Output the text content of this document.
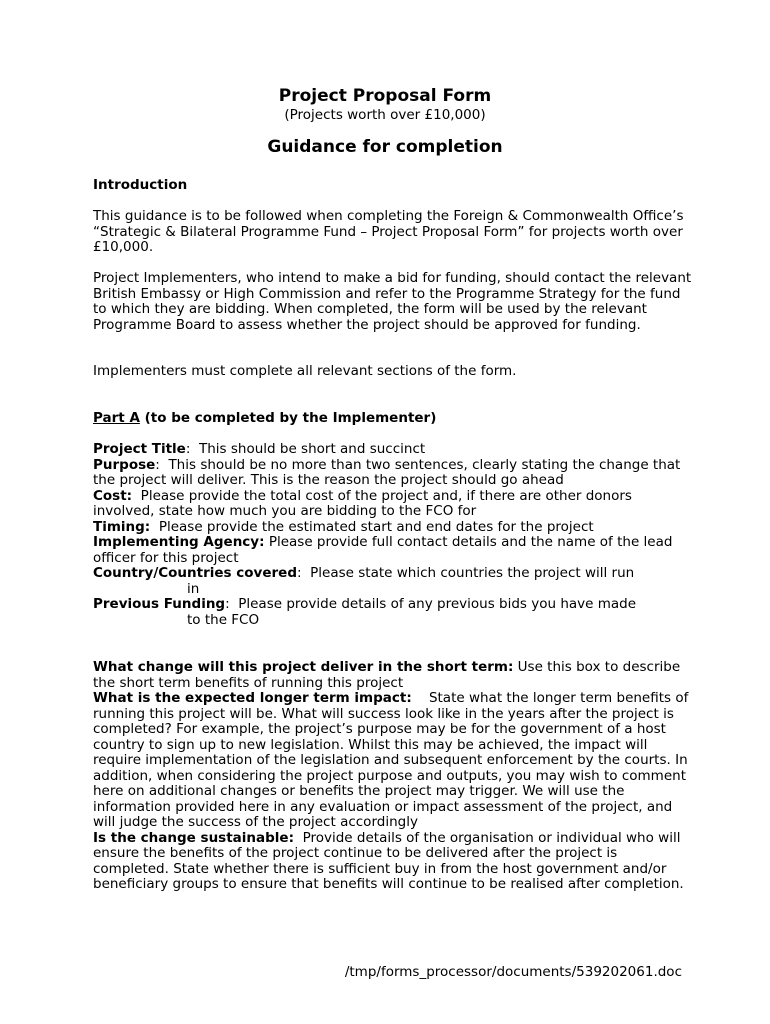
Project Proposal Form
(Projects worth over £10,000)
Guidance for completion

Introduction

This guidance is to be followed when completing the Foreign & Commonwealth Office’s “Strategic & Bilateral Programme Fund – Project Proposal Form” for projects worth over £10,000.

Project Implementers, who intend to make a bid for funding, should contact the relevant British Embassy or High Commission and refer to the Programme Strategy for the fund to which they are bidding. When completed, the form will be used by the relevant Programme Board to assess whether the project should be approved for funding.

Implementers must complete all relevant sections of the form.

Part A (to be completed by the Implementer)

Project Title:  This should be short and succinct

Purpose:  This should be no more than two sentences, clearly stating the change that the project will deliver. This is the reason the project should go ahead

Cost: Please provide the total cost of the project and, if there are other donors involved, state how much you are bidding to the FCO for

Timing: Please provide the estimated start and end dates for the project

Implementing Agency: Please provide full contact details and the name of the lead officer for this project

Country/Countries covered:  Please state which countries the project will run
in

Previous Funding:  Please provide details of any previous bids you have made
to the FCO

What change will this project deliver in the short term: Use this box to describe the short term benefits of running this project

What is the expected longer term impact: State what the longer term benefits of running this project will be. What will success look like in the years after the project is completed? For example, the project’s purpose may be for the government of a host country to sign up to new legislation. Whilst this may be achieved, the impact will require implementation of the legislation and subsequent enforcement by the courts. In addition, when considering the project purpose and outputs, you may wish to comment here on additional changes or benefits the project may trigger. We will use the information provided here in any evaluation or impact assessment of the project, and will judge the success of the project accordingly

Is the change sustainable: Provide details of the organisation or individual who will ensure the benefits of the project continue to be delivered after the project is completed. State whether there is sufficient buy in from the host government and/or beneficiary groups to ensure that benefits will continue to be realised after completion.

/tmp/forms_processor/documents/539202061.doc
